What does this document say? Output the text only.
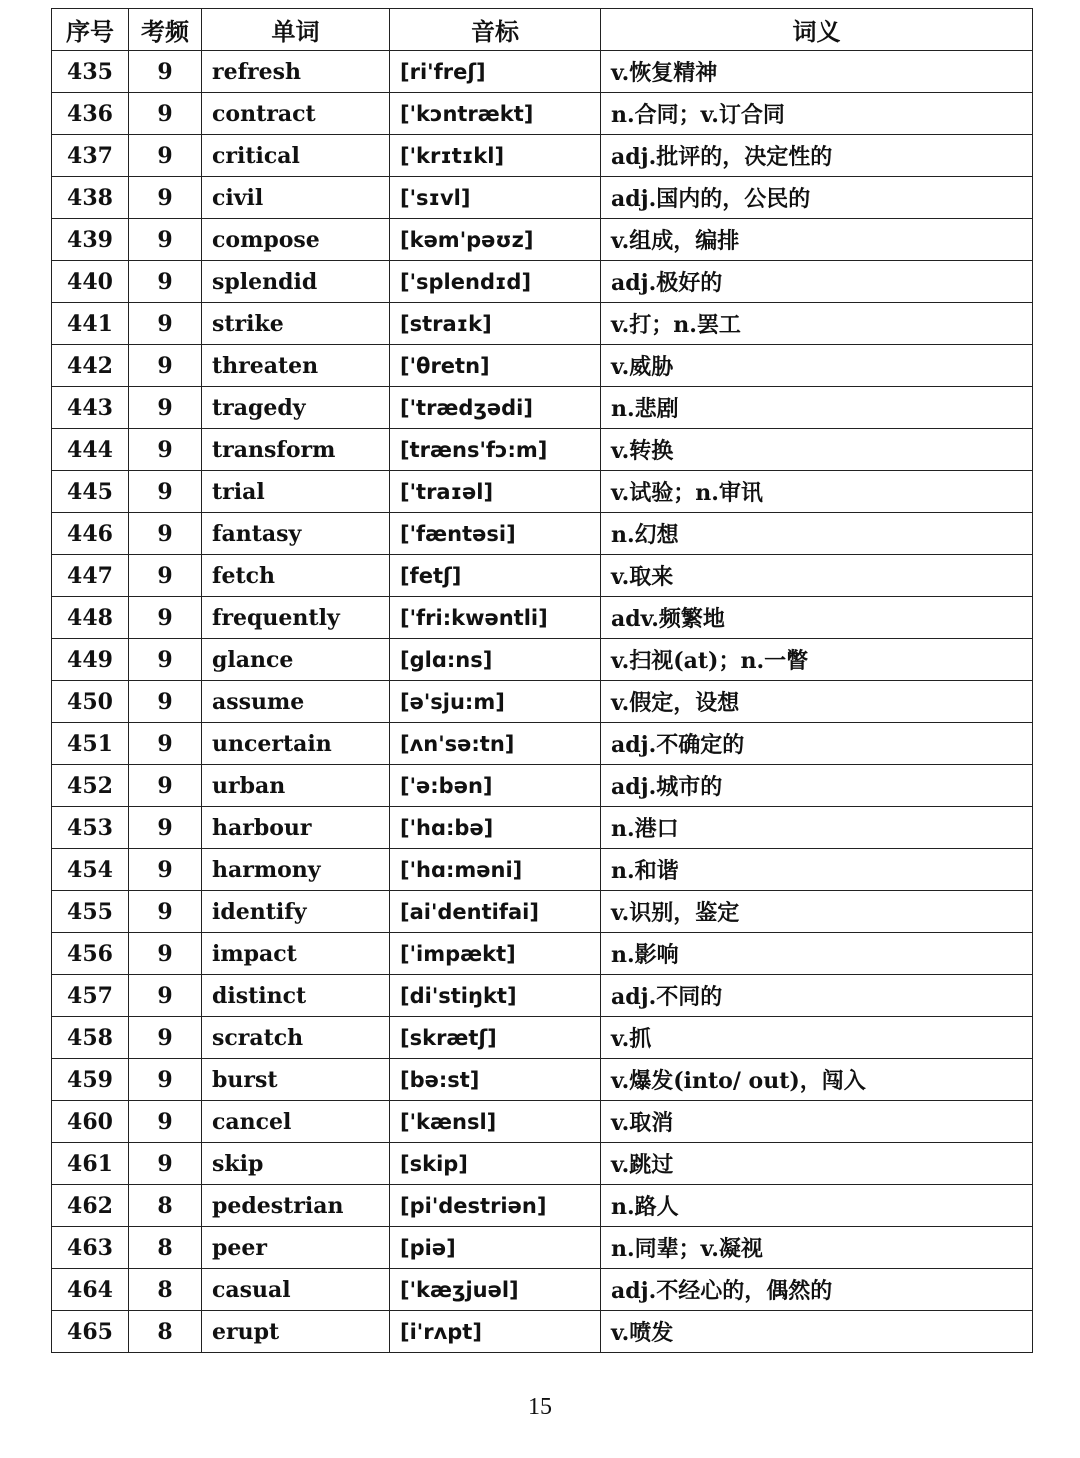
序号	考频	单词	音标	词义
435	9	refresh	[ri'freʃ]	v.恢复精神
436	9	contract	['kɔntrækt]	n.合同；v.订合同
437	9	critical	['krɪtɪkl]	adj.批评的，决定性的
438	9	civil	['sɪvl]	adj.国内的，公民的
439	9	compose	[kəm'pəʊz]	v.组成，编排
440	9	splendid	['splendɪd]	adj.极好的
441	9	strike	[straɪk]	v.打；n.罢工
442	9	threaten	['θretn]	v.威胁
443	9	tragedy	['trædʒədi]	n.悲剧
444	9	transform	[træns'fɔ:m]	v.转换
445	9	trial	['traɪəl]	v.试验；n.审讯
446	9	fantasy	['fæntəsi]	n.幻想
447	9	fetch	[fetʃ]	v.取来
448	9	frequently	['fri:kwəntli]	adv.频繁地
449	9	glance	[glɑ:ns]	v.扫视(at)；n.一瞥
450	9	assume	[ə'sju:m]	v.假定，设想
451	9	uncertain	[ʌn'sə:tn]	adj.不确定的
452	9	urban	['ə:bən]	adj.城市的
453	9	harbour	['hɑ:bə]	n.港口
454	9	harmony	['hɑ:məni]	n.和谐
455	9	identify	[ai'dentifai]	v.识别，鉴定
456	9	impact	['impækt]	n.影响
457	9	distinct	[di'stiŋkt]	adj.不同的
458	9	scratch	[skrætʃ]	v.抓
459	9	burst	[bə:st]	v.爆发(into/ out)，闯入
460	9	cancel	['kænsl]	v.取消
461	9	skip	[skip]	v.跳过
462	8	pedestrian	[pi'destriən]	n.路人
463	8	peer	[piə]	n.同辈；v.凝视
464	8	casual	['kæʒjuəl]	adj.不经心的，偶然的
465	8	erupt	[i'rʌpt]	v.喷发
15
